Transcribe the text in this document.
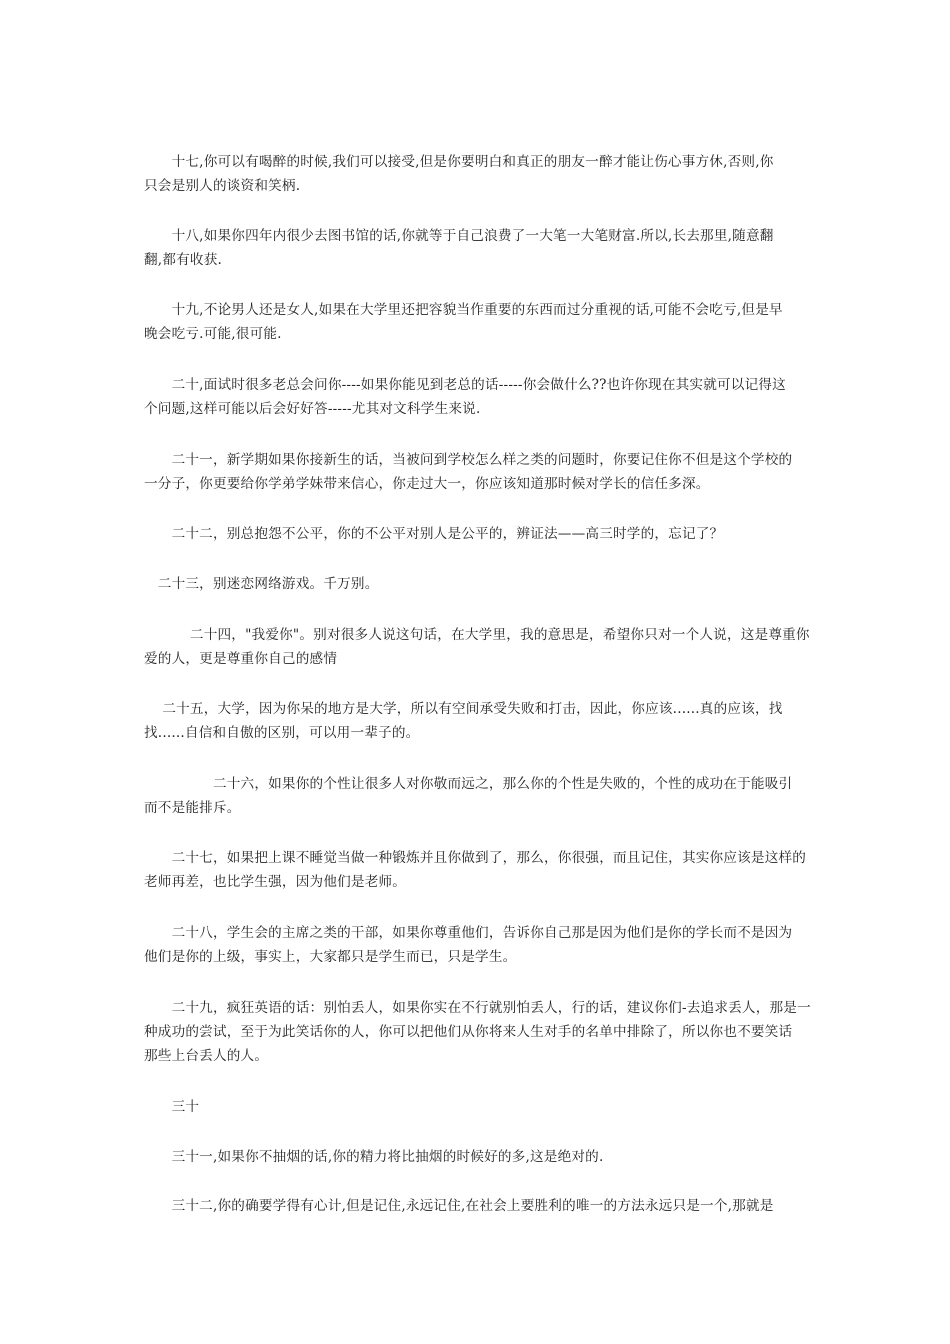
　　十七,你可以有喝醉的时候,我们可以接受,但是你要明白和真正的朋友一醉才能让伤心事方休,否则,你
只会是别人的谈资和笑柄.

　　十八,如果你四年内很少去图书馆的话,你就等于自己浪费了一大笔一大笔财富.所以,长去那里,随意翻
翻,都有收获.

　　十九,不论男人还是女人,如果在大学里还把容貌当作重要的东西而过分重视的话,可能不会吃亏,但是早
晚会吃亏.可能,很可能.

　　二十,面试时很多老总会问你----如果你能见到老总的话-----你会做什么??也许你现在其实就可以记得这
个问题,这样可能以后会好好答-----尤其对文科学生来说.

　　二十一，新学期如果你接新生的话，当被问到学校怎么样之类的问题时，你要记住你不但是这个学校的
一分子，你更要给你学弟学妹带来信心，你走过大一，你应该知道那时候对学长的信任多深。

　　二十二，别总抱怨不公平，你的不公平对别人是公平的，辨证法——高三时学的，忘记了？

　二十三，别迷恋网络游戏。千万别。

　　　 二十四，"我爱你"。别对很多人说这句话，在大学里，我的意思是，希望你只对一个人说，这是尊重你
爱的人，更是尊重你自己的感情

　 二十五，大学，因为你呆的地方是大学，所以有空间承受失败和打击，因此，你应该......真的应该，找
找......自信和自傲的区别，可以用一辈子的。

　　　　　二十六，如果你的个性让很多人对你敬而远之，那么你的个性是失败的，个性的成功在于能吸引
而不是能排斥。

　　二十七，如果把上课不睡觉当做一种锻炼并且你做到了，那么，你很强，而且记住，其实你应该是这样的
老师再差，也比学生强，因为他们是老师。

　　二十八，学生会的主席之类的干部，如果你尊重他们，告诉你自己那是因为他们是你的学长而不是因为
他们是你的上级，事实上，大家都只是学生而已，只是学生。

　　二十九，疯狂英语的话：别怕丢人，如果你实在不行就别怕丢人，行的话，建议你们-去追求丢人，那是一
种成功的尝试，至于为此笑话你的人，你可以把他们从你将来人生对手的名单中排除了，所以你也不要笑话
那些上台丢人的人。

　　三十

　　三十一,如果你不抽烟的话,你的精力将比抽烟的时候好的多,这是绝对的.

　　三十二,你的确要学得有心计,但是记住,永远记住,在社会上要胜利的唯一的方法永远只是一个,那就是
